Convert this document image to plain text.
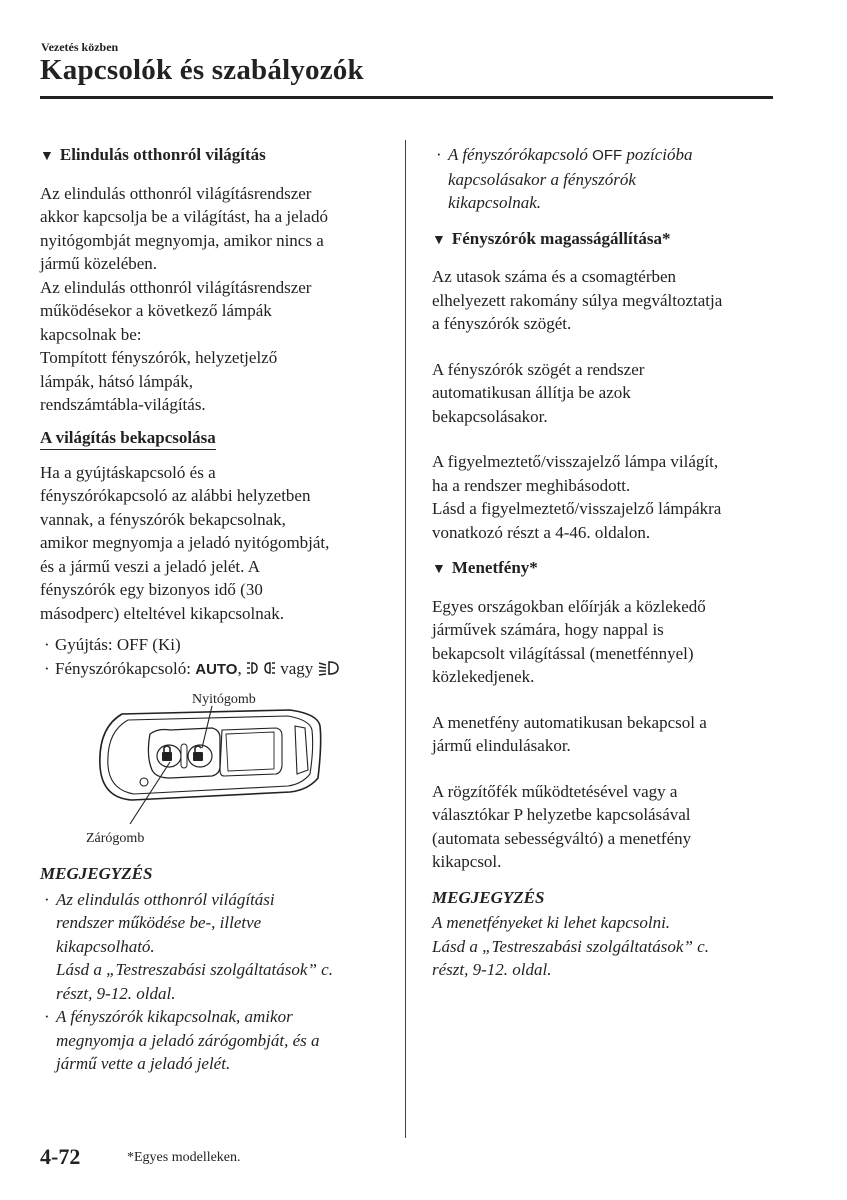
Vezetés közben
Kapcsolók és szabályozók
▼ Elindulás otthonról világítás

Az elindulás otthonról világításrendszer
akkor kapcsolja be a világítást, ha a jeladó
nyitógombját megnyomja, amikor nincs a
jármű közelében.

Az elindulás otthonról világításrendszer
működésekor a következő lámpák
kapcsolnak be:
Tompított fényszórók, helyzetjelző
lámpák, hátsó lámpák,
rendszámtábla-világítás.

A világítás bekapcsolása

Ha a gyújtáskapcsoló és a
fényszórókapcsoló az alábbi helyzetben
vannak, a fényszórók bekapcsolnak,
amikor megnyomja a jeladó nyitógombját,
és a jármű veszi a jeladó jelét. A
fényszórók egy bizonyos idő (30
másodperc) elteltével kikapcsolnak.

· Gyújtás: OFF (Ki)
· Fényszórókapcsoló: AUTO,  vagy
Nyitógomb
Zárógomb
MEGJEGYZÉS
· Az elindulás otthonról világítási
rendszer működése be-, illetve
kikapcsolható.
Lásd a „Testreszabási szolgáltatások” c.
részt, 9-12. oldal.
· A fényszórók kikapcsolnak, amikor
megnyomja a jeladó zárógombját, és a
jármű vette a jeladó jelét.
· A fényszórókapcsoló OFF pozícióba
kapcsolásakor a fényszórók
kikapcsolnak.
▼ Fényszórók magasságállítása*

Az utasok száma és a csomagtérben
elhelyezett rakomány súlya megváltoztatja
a fényszórók szögét.

A fényszórók szögét a rendszer
automatikusan állítja be azok
bekapcsolásakor.

A figyelmeztető/visszajelző lámpa világít,
ha a rendszer meghibásodott.
Lásd a figyelmeztető/visszajelző lámpákra
vonatkozó részt a 4-46. oldalon.

▼ Menetfény*

Egyes országokban előírják a közlekedő
járművek számára, hogy nappal is
bekapcsolt világítással (menetfénnyel)
közlekedjenek.

A menetfény automatikusan bekapcsol a
jármű elindulásakor.

A rögzítőfék működtetésével vagy a
választókar P helyzetbe kapcsolásával
(automata sebességváltó) a menetfény
kikapcsol.

MEGJEGYZÉS

A menetfényeket ki lehet kapcsolni.
Lásd a „Testreszabási szolgáltatások” c.
részt, 9-12. oldal.

4-72	*Egyes modelleken.
